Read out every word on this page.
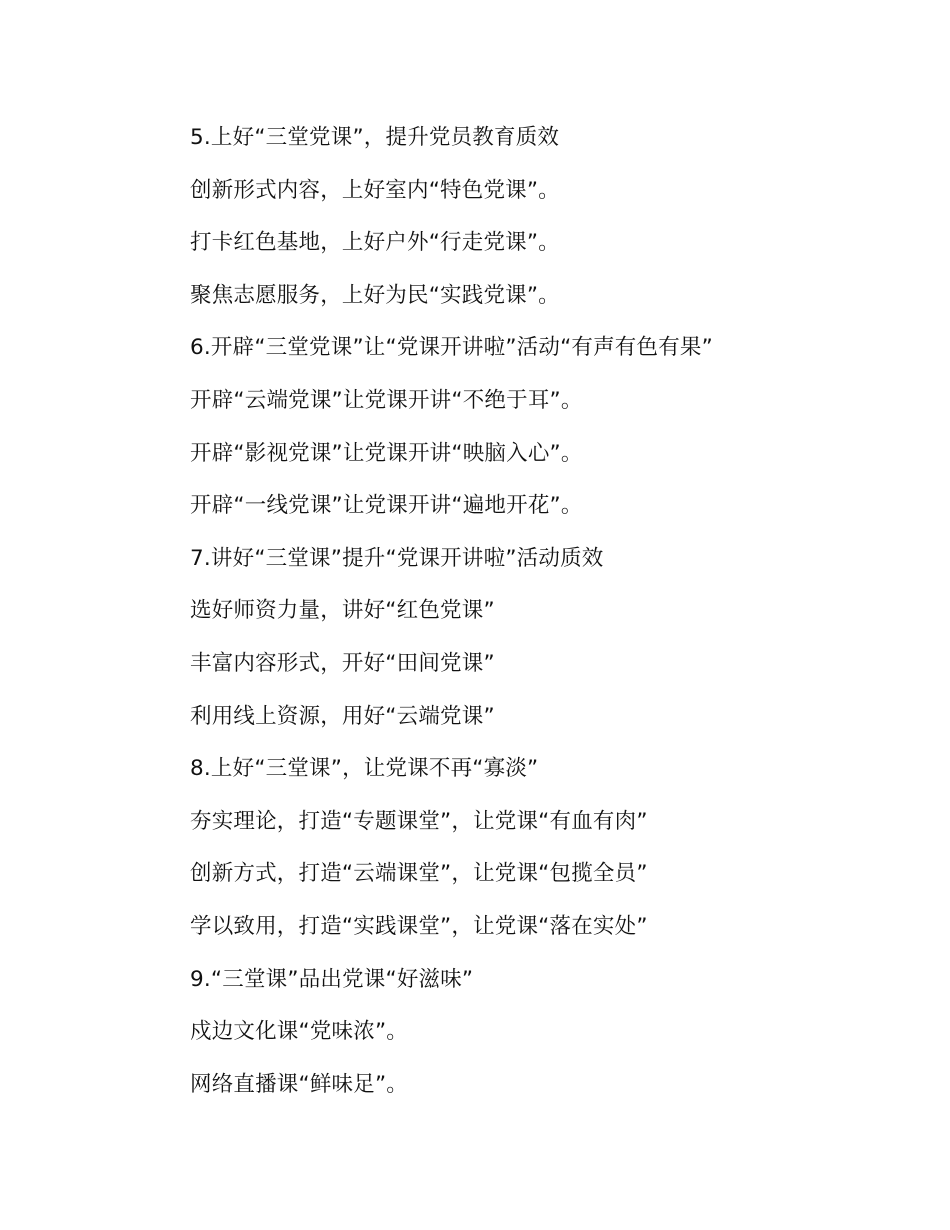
5.上好“三堂党课”，提升党员教育质效
创新形式内容，上好室内“特色党课”。
打卡红色基地，上好户外“行走党课”。
聚焦志愿服务，上好为民“实践党课”。
6.开辟“三堂党课”让“党课开讲啦”活动“有声有色有果”
开辟“云端党课”让党课开讲“不绝于耳”。
开辟“影视党课”让党课开讲“映脑入心”。
开辟“一线党课”让党课开讲“遍地开花”。
7.讲好“三堂课”提升“党课开讲啦”活动质效
选好师资力量，讲好“红色党课”
丰富内容形式，开好“田间党课”
利用线上资源，用好“云端党课”
8.上好“三堂课”，让党课不再“寡淡”
夯实理论，打造“专题课堂”，让党课“有血有肉”
创新方式，打造“云端课堂”，让党课“包揽全员”
学以致用，打造“实践课堂”，让党课“落在实处”
9.“三堂课”品出党课“好滋味”
戍边文化课“党味浓”。
网络直播课“鲜味足”。
